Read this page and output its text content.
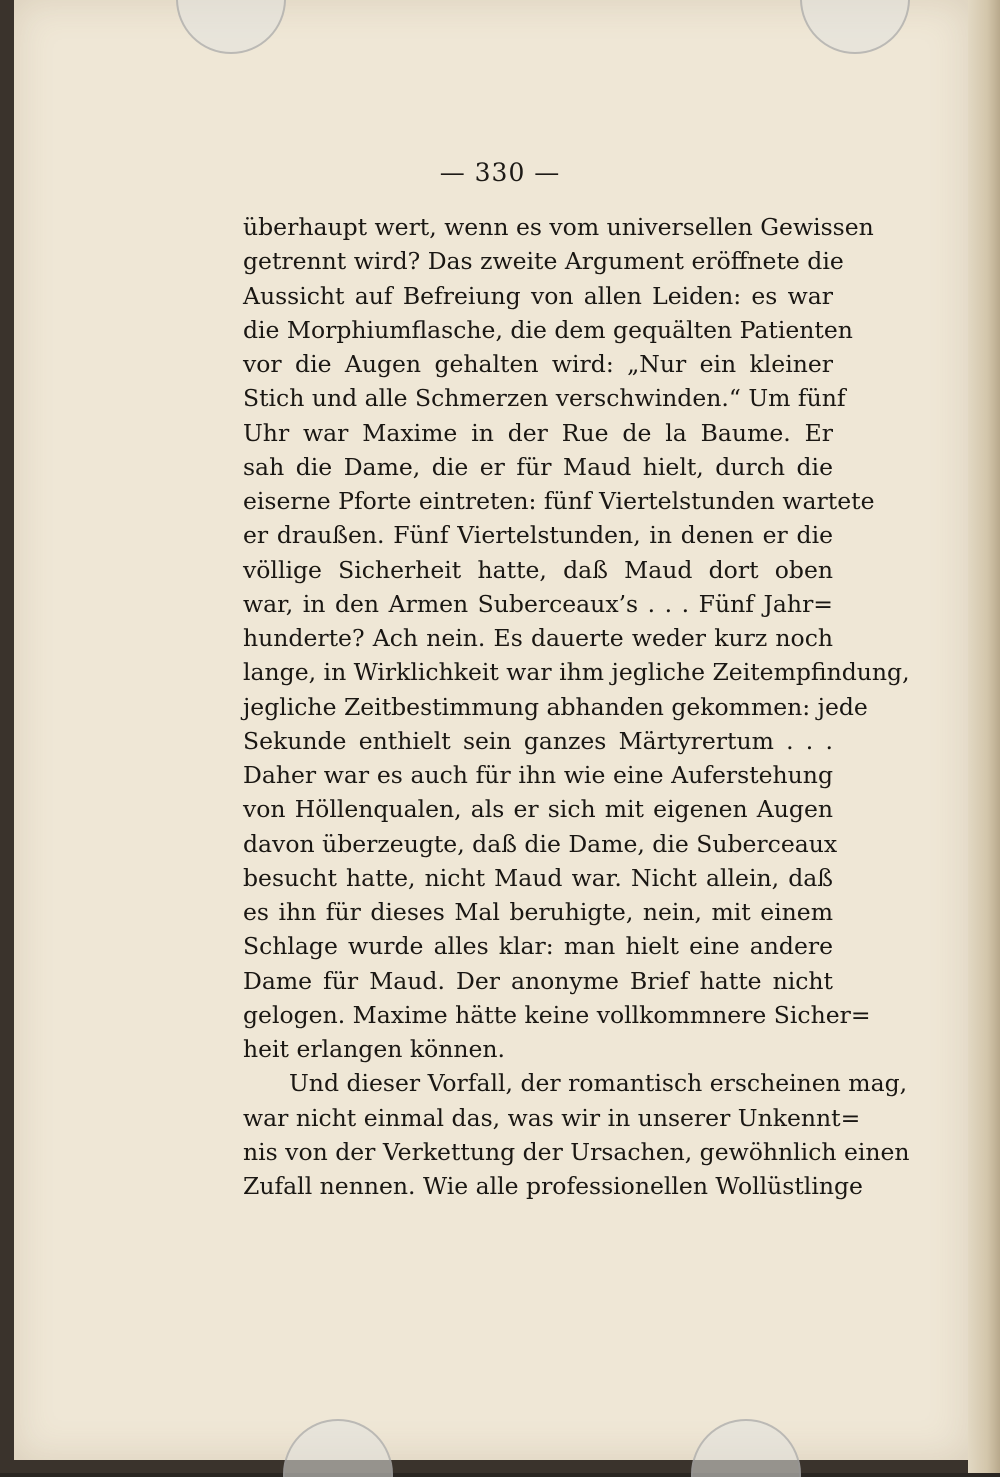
— 330 —
überhaupt wert, wenn es vom universellen Gewissen
getrennt wird? Das zweite Argument eröffnete die
Aussicht auf Befreiung von allen Leiden: es war
die Morphiumflasche, die dem gequälten Patienten
vor die Augen gehalten wird: „Nur ein kleiner
Stich und alle Schmerzen verschwinden.“ Um fünf
Uhr war Maxime in der Rue de la Baume. Er
sah die Dame, die er für Maud hielt, durch die
eiserne Pforte eintreten: fünf Viertelstunden wartete
er draußen. Fünf Viertelstunden, in denen er die
völlige Sicherheit hatte, daß Maud dort oben
war, in den Armen Suberceaux’s . . . Fünf Jahr=
hunderte? Ach nein. Es dauerte weder kurz noch
lange, in Wirklichkeit war ihm jegliche Zeitempfindung,
jegliche Zeitbestimmung abhanden gekommen: jede
Sekunde enthielt sein ganzes Märtyrertum . . .
Daher war es auch für ihn wie eine Auferstehung
von Höllenqualen, als er sich mit eigenen Augen
davon überzeugte, daß die Dame, die Suberceaux
besucht hatte, nicht Maud war. Nicht allein, daß
es ihn für dieses Mal beruhigte, nein, mit einem
Schlage wurde alles klar: man hielt eine andere
Dame für Maud. Der anonyme Brief hatte nicht
gelogen. Maxime hätte keine vollkommnere Sicher=
heit erlangen können.
Und dieser Vorfall, der romantisch erscheinen mag,
war nicht einmal das, was wir in unserer Unkennt=
nis von der Verkettung der Ursachen, gewöhnlich einen
Zufall nennen. Wie alle professionellen Wollüstlinge
